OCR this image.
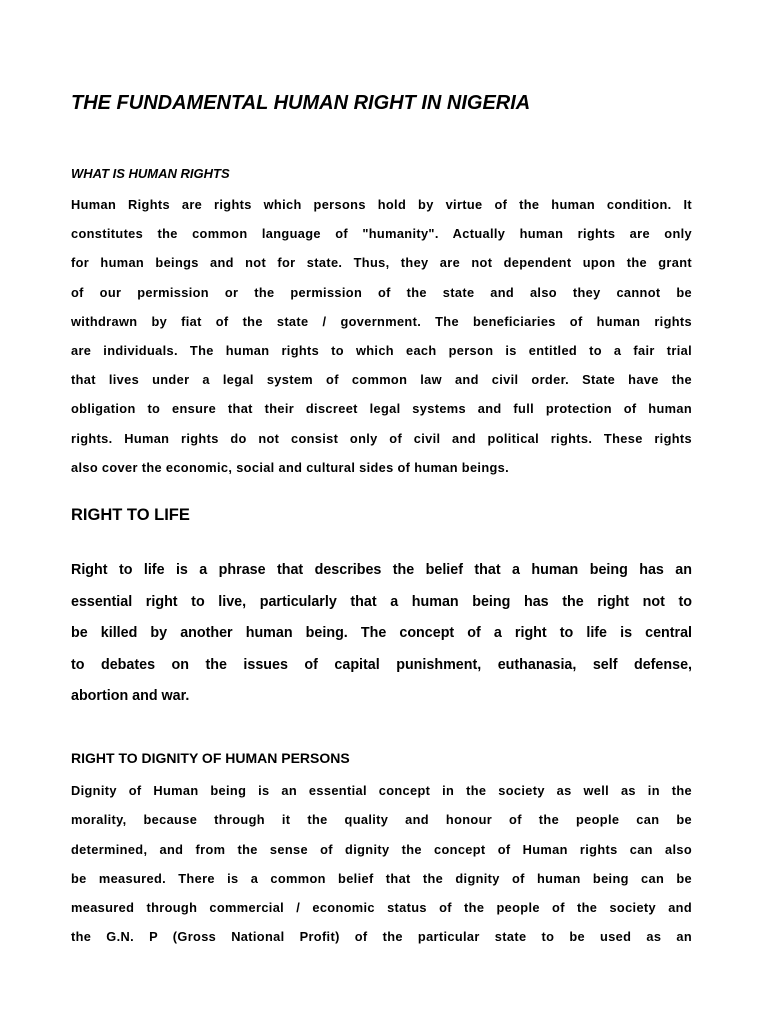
THE FUNDAMENTAL HUMAN RIGHT IN NIGERIA
WHAT IS HUMAN RIGHTS
Human Rights are rights which persons hold by virtue of the human condition. It
constitutes the common language of "humanity". Actually human rights are only
for human beings and not for state. Thus, they are not dependent upon the grant
of our permission or the permission of the state and also they cannot be
withdrawn by fiat of the state / government. The beneficiaries of human rights
are individuals. The human rights to which each person is entitled to a fair trial
that lives under a legal system of common law and civil order. State have the
obligation to ensure that their discreet legal systems and full protection of human
rights. Human rights do not consist only of civil and political rights. These rights
also cover the economic, social and cultural sides of human beings.
RIGHT TO LIFE
Right to life is a phrase that describes the belief that a human being has an
essential right to live, particularly that a human being has the right not to
be killed by another human being. The concept of a right to life is central
to debates on the issues of capital punishment, euthanasia, self defense,
abortion and war.
RIGHT TO DIGNITY OF HUMAN PERSONS
Dignity of Human being is an essential concept in the society as well as in the
morality, because through it the quality and honour of the people can be
determined, and from the sense of dignity the concept of Human rights can also
be measured. There is a common belief that the dignity of human being can be
measured through commercial / economic status of the people of the society and
the G.N. P (Gross National Profit) of the particular state to be used as an
